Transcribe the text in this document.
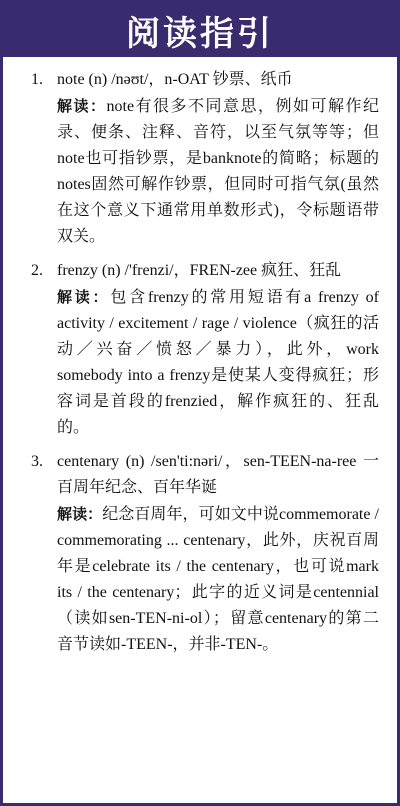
阅读指引
1. note (n) /nəʊt/，n-OAT 钞票、纸币
解读：note有很多不同意思，例如可解作纪录、便条、注释、音符，以至气氛等等；但note也可指钞票，是banknote的简略；标题的notes固然可解作钞票，但同时可指气氛(虽然在这个意义下通常用单数形式)，令标题语带双关。
2. frenzy (n) /'frenzi/，FREN-zee 疯狂、狂乱
解读：包含frenzy的常用短语有a frenzy of activity / excitement / rage / violence（疯狂的活动／兴奋／愤怒／暴力），此外，work somebody into a frenzy是使某人变得疯狂；形容词是首段的frenzied，解作疯狂的、狂乱的。
3. centenary (n) /sen'ti:nəri/，sen-TEEN-na-ree 一百周年纪念、百年华诞
解读：纪念百周年，可如文中说commemorate / commemorating ... centenary，此外，庆祝百周年是celebrate its / the centenary，也可说mark its / the centenary；此字的近义词是centennial（读如sen-TEN-ni-ol）；留意centenary的第二音节读如-TEEN-，并非-TEN-。
